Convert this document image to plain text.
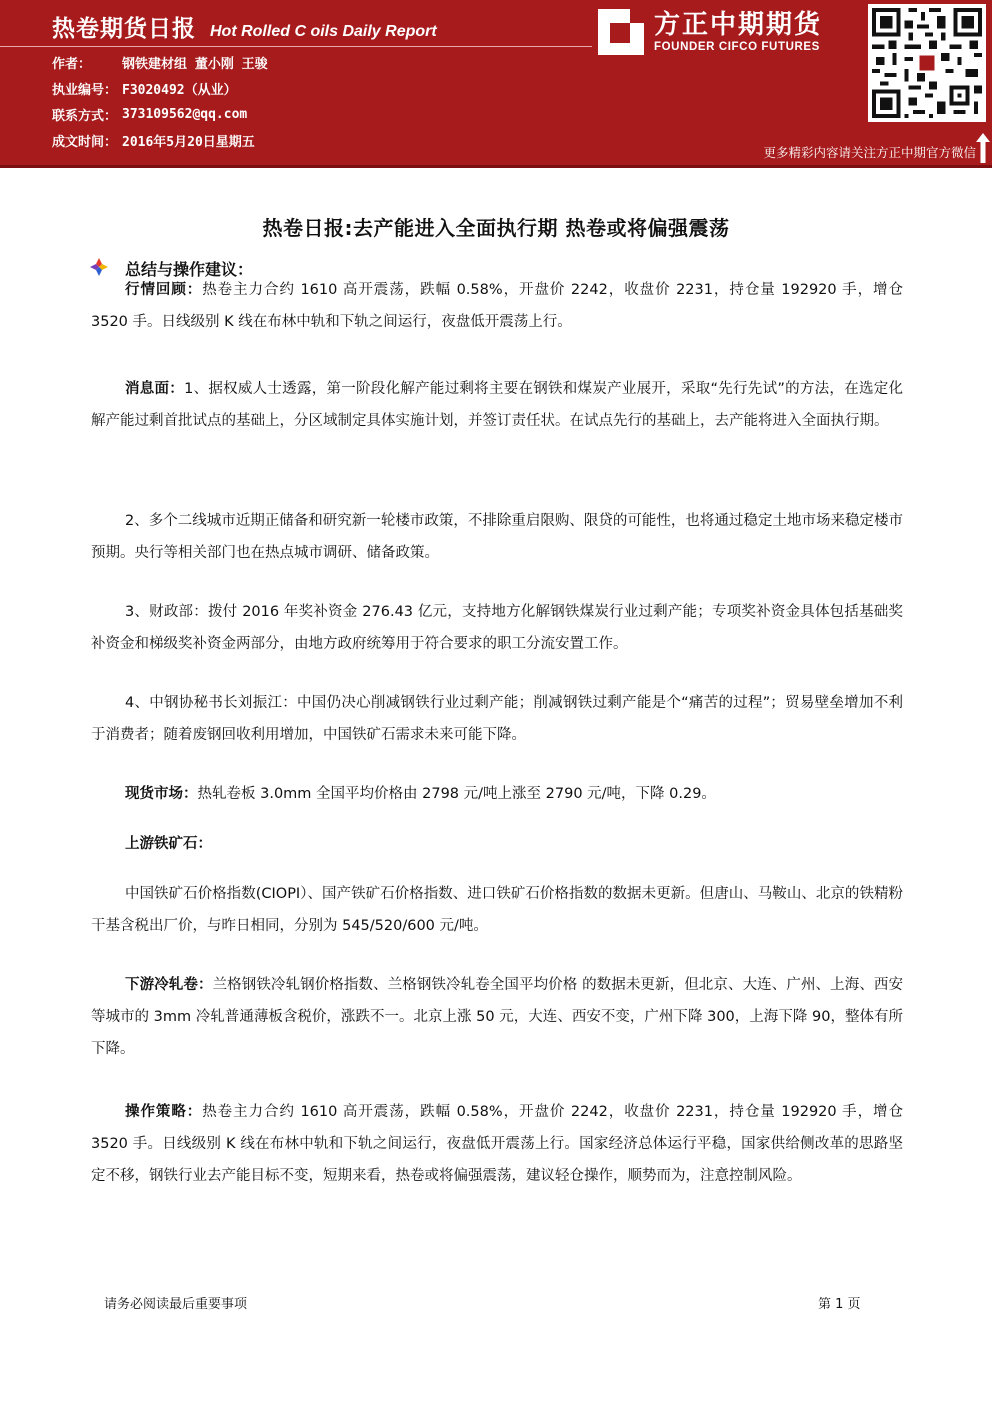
热卷期货日报 Hot Rolled C oils Daily Report
作者：	钢铁建材组 董小刚 王骏
执业编号： F3020492（从业）
联系方式： 373109562@qq.com
成文时间： 2016年5月20日星期五
方正中期期货
FOUNDER CIFCO FUTURES
更多精彩内容请关注方正中期官方微信
热卷日报:去产能进入全面执行期 热卷或将偏强震荡
总结与操作建议：

行情回顾：热卷主力合约 1610 高开震荡，跌幅 0.58%，开盘价 2242，收盘价 2231，持仓量 192920 手，增仓 3520 手。日线级别 K 线在布林中轨和下轨之间运行，夜盘低开震荡上行。

消息面：1、据权威人士透露，第一阶段化解产能过剩将主要在钢铁和煤炭产业展开，采取“先行先试”的方法，在选定化解产能过剩首批试点的基础上，分区域制定具体实施计划，并签订责任状。在试点先行的基础上，去产能将进入全面执行期。

2、多个二线城市近期正储备和研究新一轮楼市政策，不排除重启限购、限贷的可能性，也将通过稳定土地市场来稳定楼市预期。央行等相关部门也在热点城市调研、储备政策。

3、财政部：拨付 2016 年奖补资金 276.43 亿元，支持地方化解钢铁煤炭行业过剩产能；专项奖补资金具体包括基础奖补资金和梯级奖补资金两部分，由地方政府统筹用于符合要求的职工分流安置工作。

4、中钢协秘书长刘振江：中国仍决心削减钢铁行业过剩产能；削减钢铁过剩产能是个“痛苦的过程”；贸易壁垒增加不利于消费者；随着废钢回收利用增加，中国铁矿石需求未来可能下降。

现货市场：热轧卷板 3.0mm 全国平均价格由 2798 元/吨上涨至 2790 元/吨，下降 0.29。

上游铁矿石：

中国铁矿石价格指数(CIOPI）、国产铁矿石价格指数、进口铁矿石价格指数的数据未更新。但唐山、马鞍山、北京的铁精粉干基含税出厂价，与昨日相同，分别为 545/520/600 元/吨。

下游冷轧卷：兰格钢铁冷轧钢价格指数、兰格钢铁冷轧卷全国平均价格 的数据未更新，但北京、大连、广州、上海、西安等城市的 3mm 冷轧普通薄板含税价，涨跌不一。北京上涨 50 元，大连、西安不变，广州下降 300，上海下降 90，整体有所下降。

操作策略：热卷主力合约 1610 高开震荡，跌幅 0.58%，开盘价 2242，收盘价 2231，持仓量 192920 手，增仓 3520 手。日线级别 K 线在布林中轨和下轨之间运行，夜盘低开震荡上行。国家经济总体运行平稳，国家供给侧改革的思路坚定不移，钢铁行业去产能目标不变，短期来看，热卷或将偏强震荡，建议轻仓操作，顺势而为，注意控制风险。

请务必阅读最后重要事项	第 1 页
